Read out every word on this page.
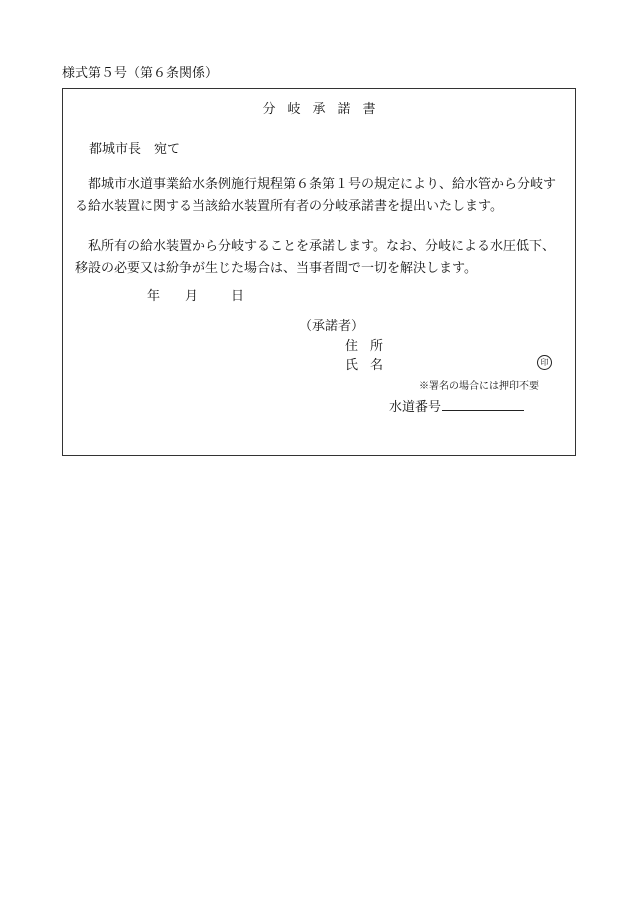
様式第５号（第６条関係）
分岐承諾書
都城市長　宛て
都城市水道事業給水条例施行規程第６条第１号の規定により、給水管から分岐する給水装置に関する当該給水装置所有者の分岐承諾書を提出いたします。
私所有の給水装置から分岐することを承諾します。なお、分岐による水圧低下、移設の必要又は紛争が生じた場合は、当事者間で一切を解決します。
年 月	日
（承諾者）
住所
氏名	印
※署名の場合には押印不要
水道番号
